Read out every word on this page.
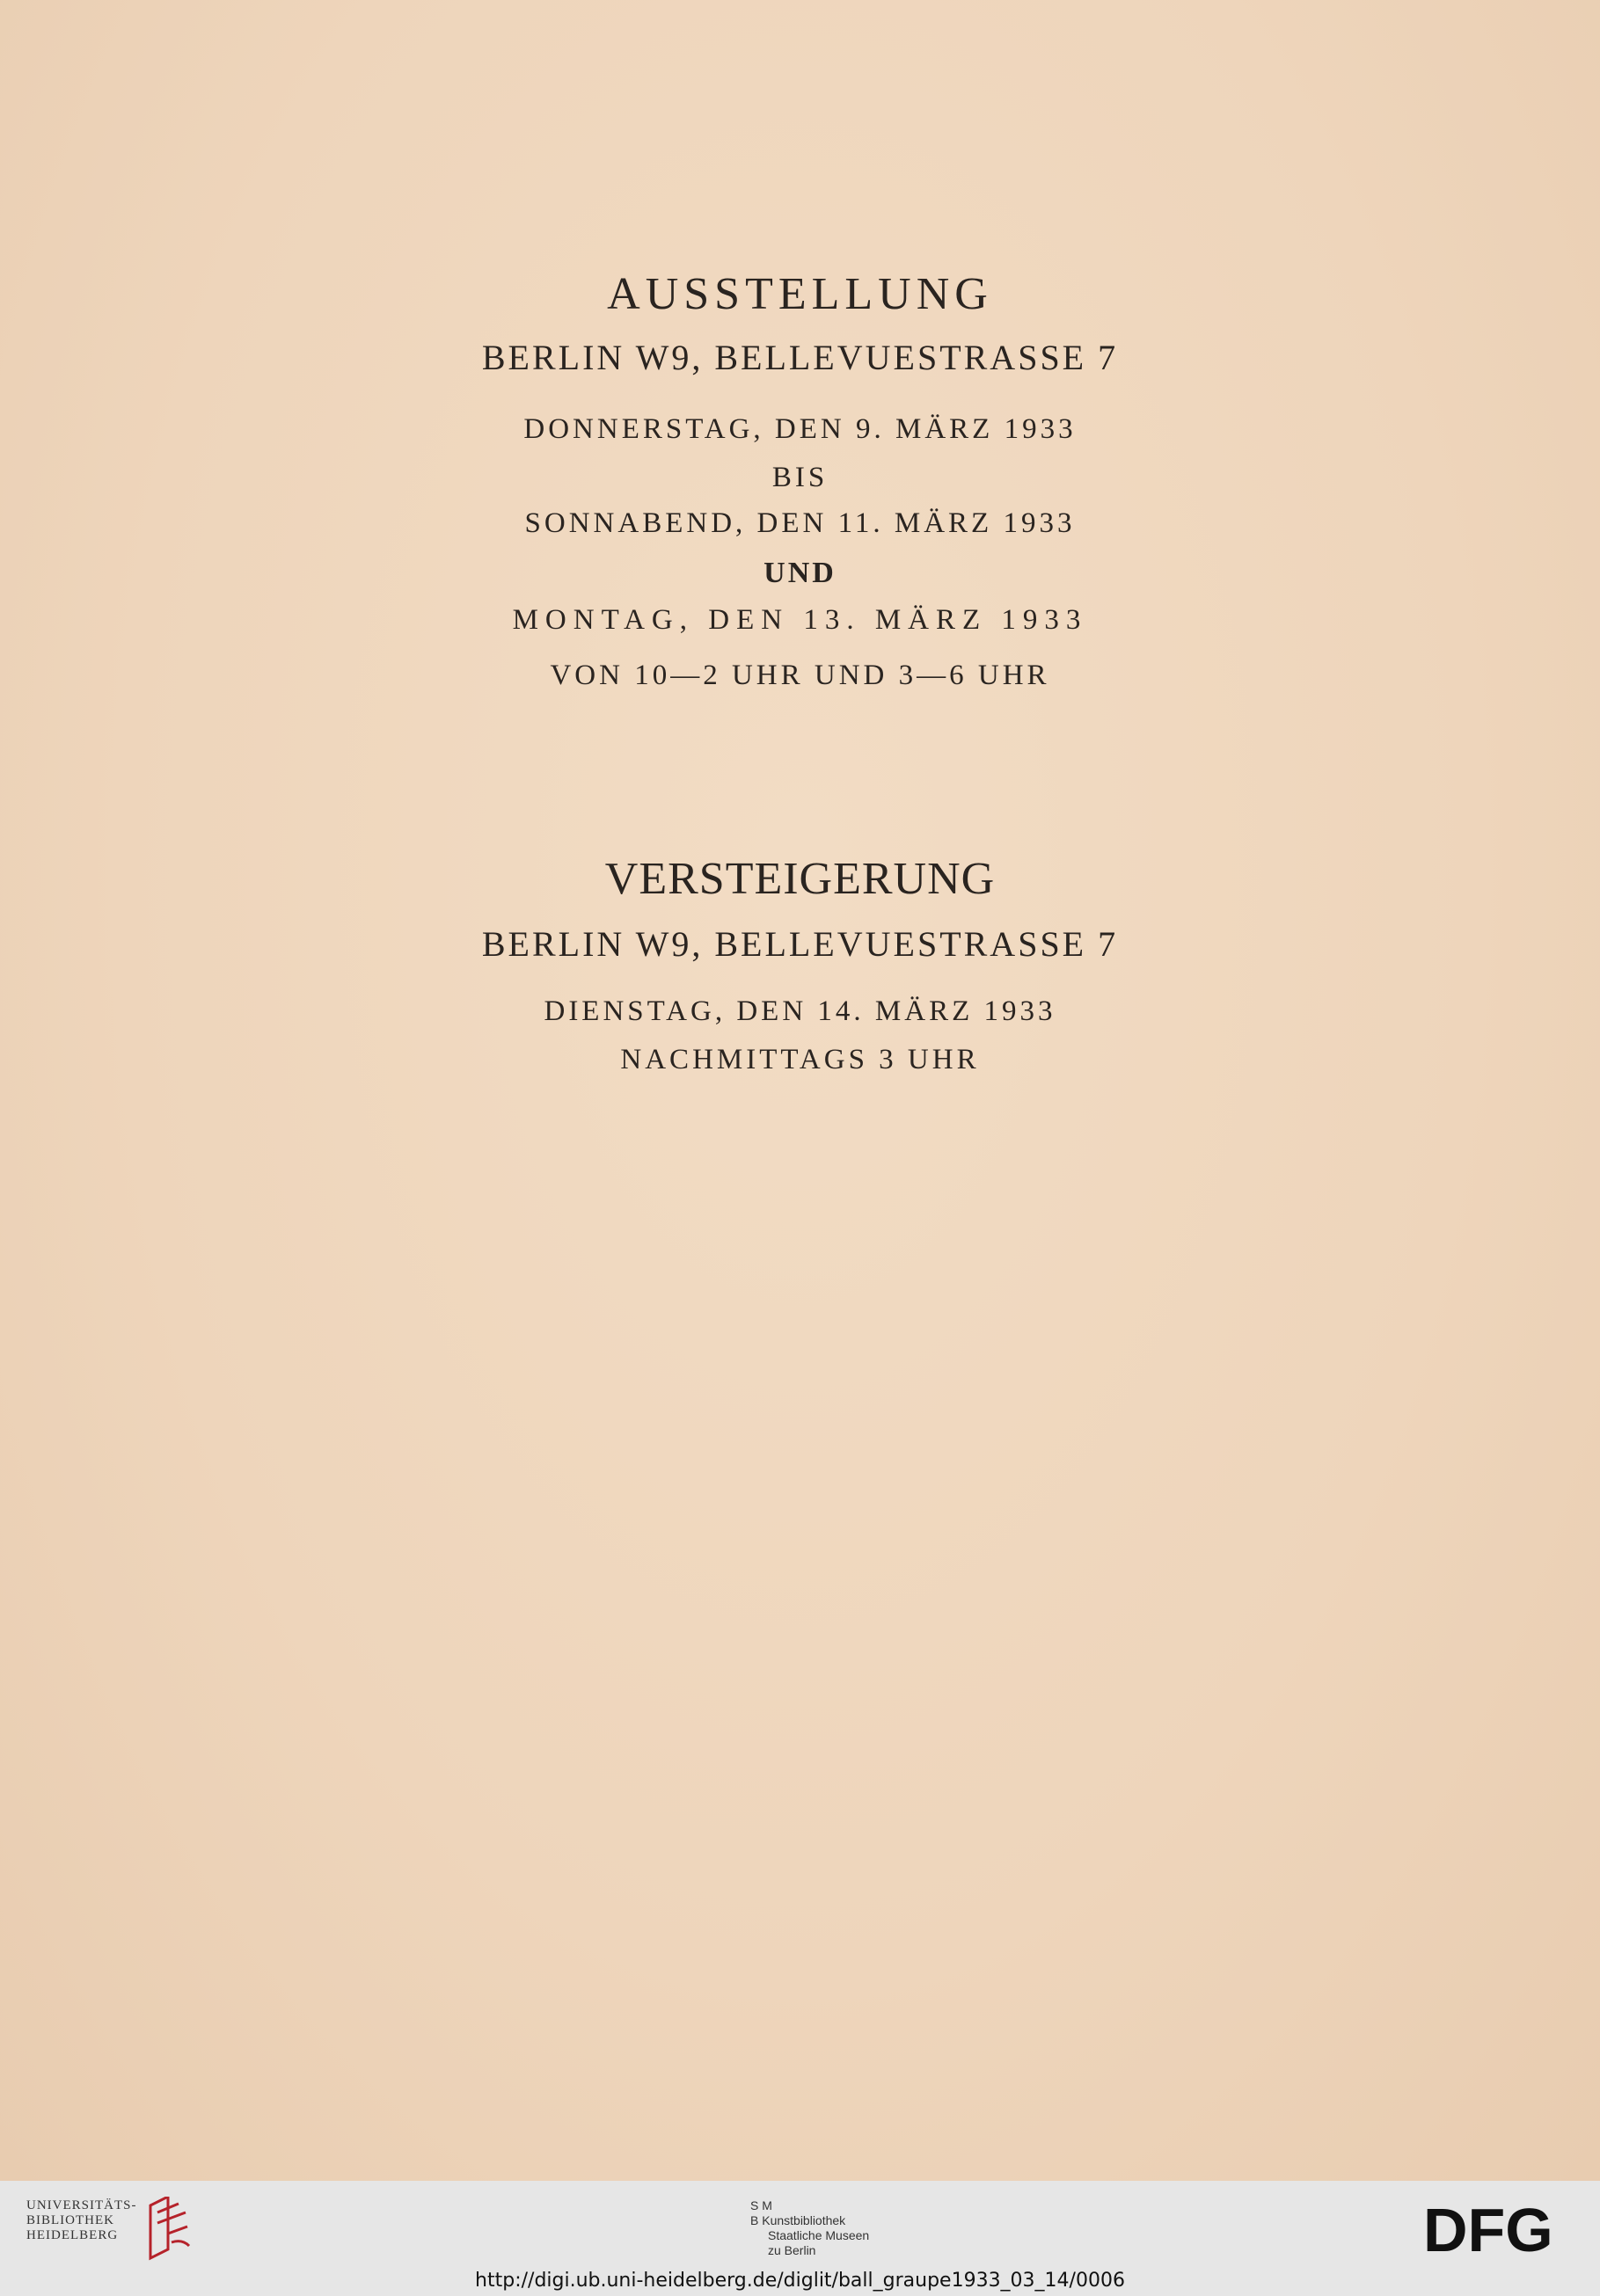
AUSSTELLUNG
BERLIN W9, BELLEVUESTRASSE 7
DONNERSTAG, DEN 9. MÄRZ 1933
BIS
SONNABEND, DEN 11. MÄRZ 1933
UND
MONTAG, DEN 13. MÄRZ 1933
VON 10—2 UHR UND 3—6 UHR
VERSTEIGERUNG
BERLIN W9, BELLEVUESTRASSE 7
DIENSTAG, DEN 14. MÄRZ 1933
NACHMITTAGS 3 UHR
UNIVERSITÄTS-
BIBLIOTHEK
HEIDELBERG
S M
B Kunstbibliothek
Staatliche Museen
zu Berlin	DFG
http://digi.ub.uni-heidelberg.de/diglit/ball_graupe1933_03_14/0006
